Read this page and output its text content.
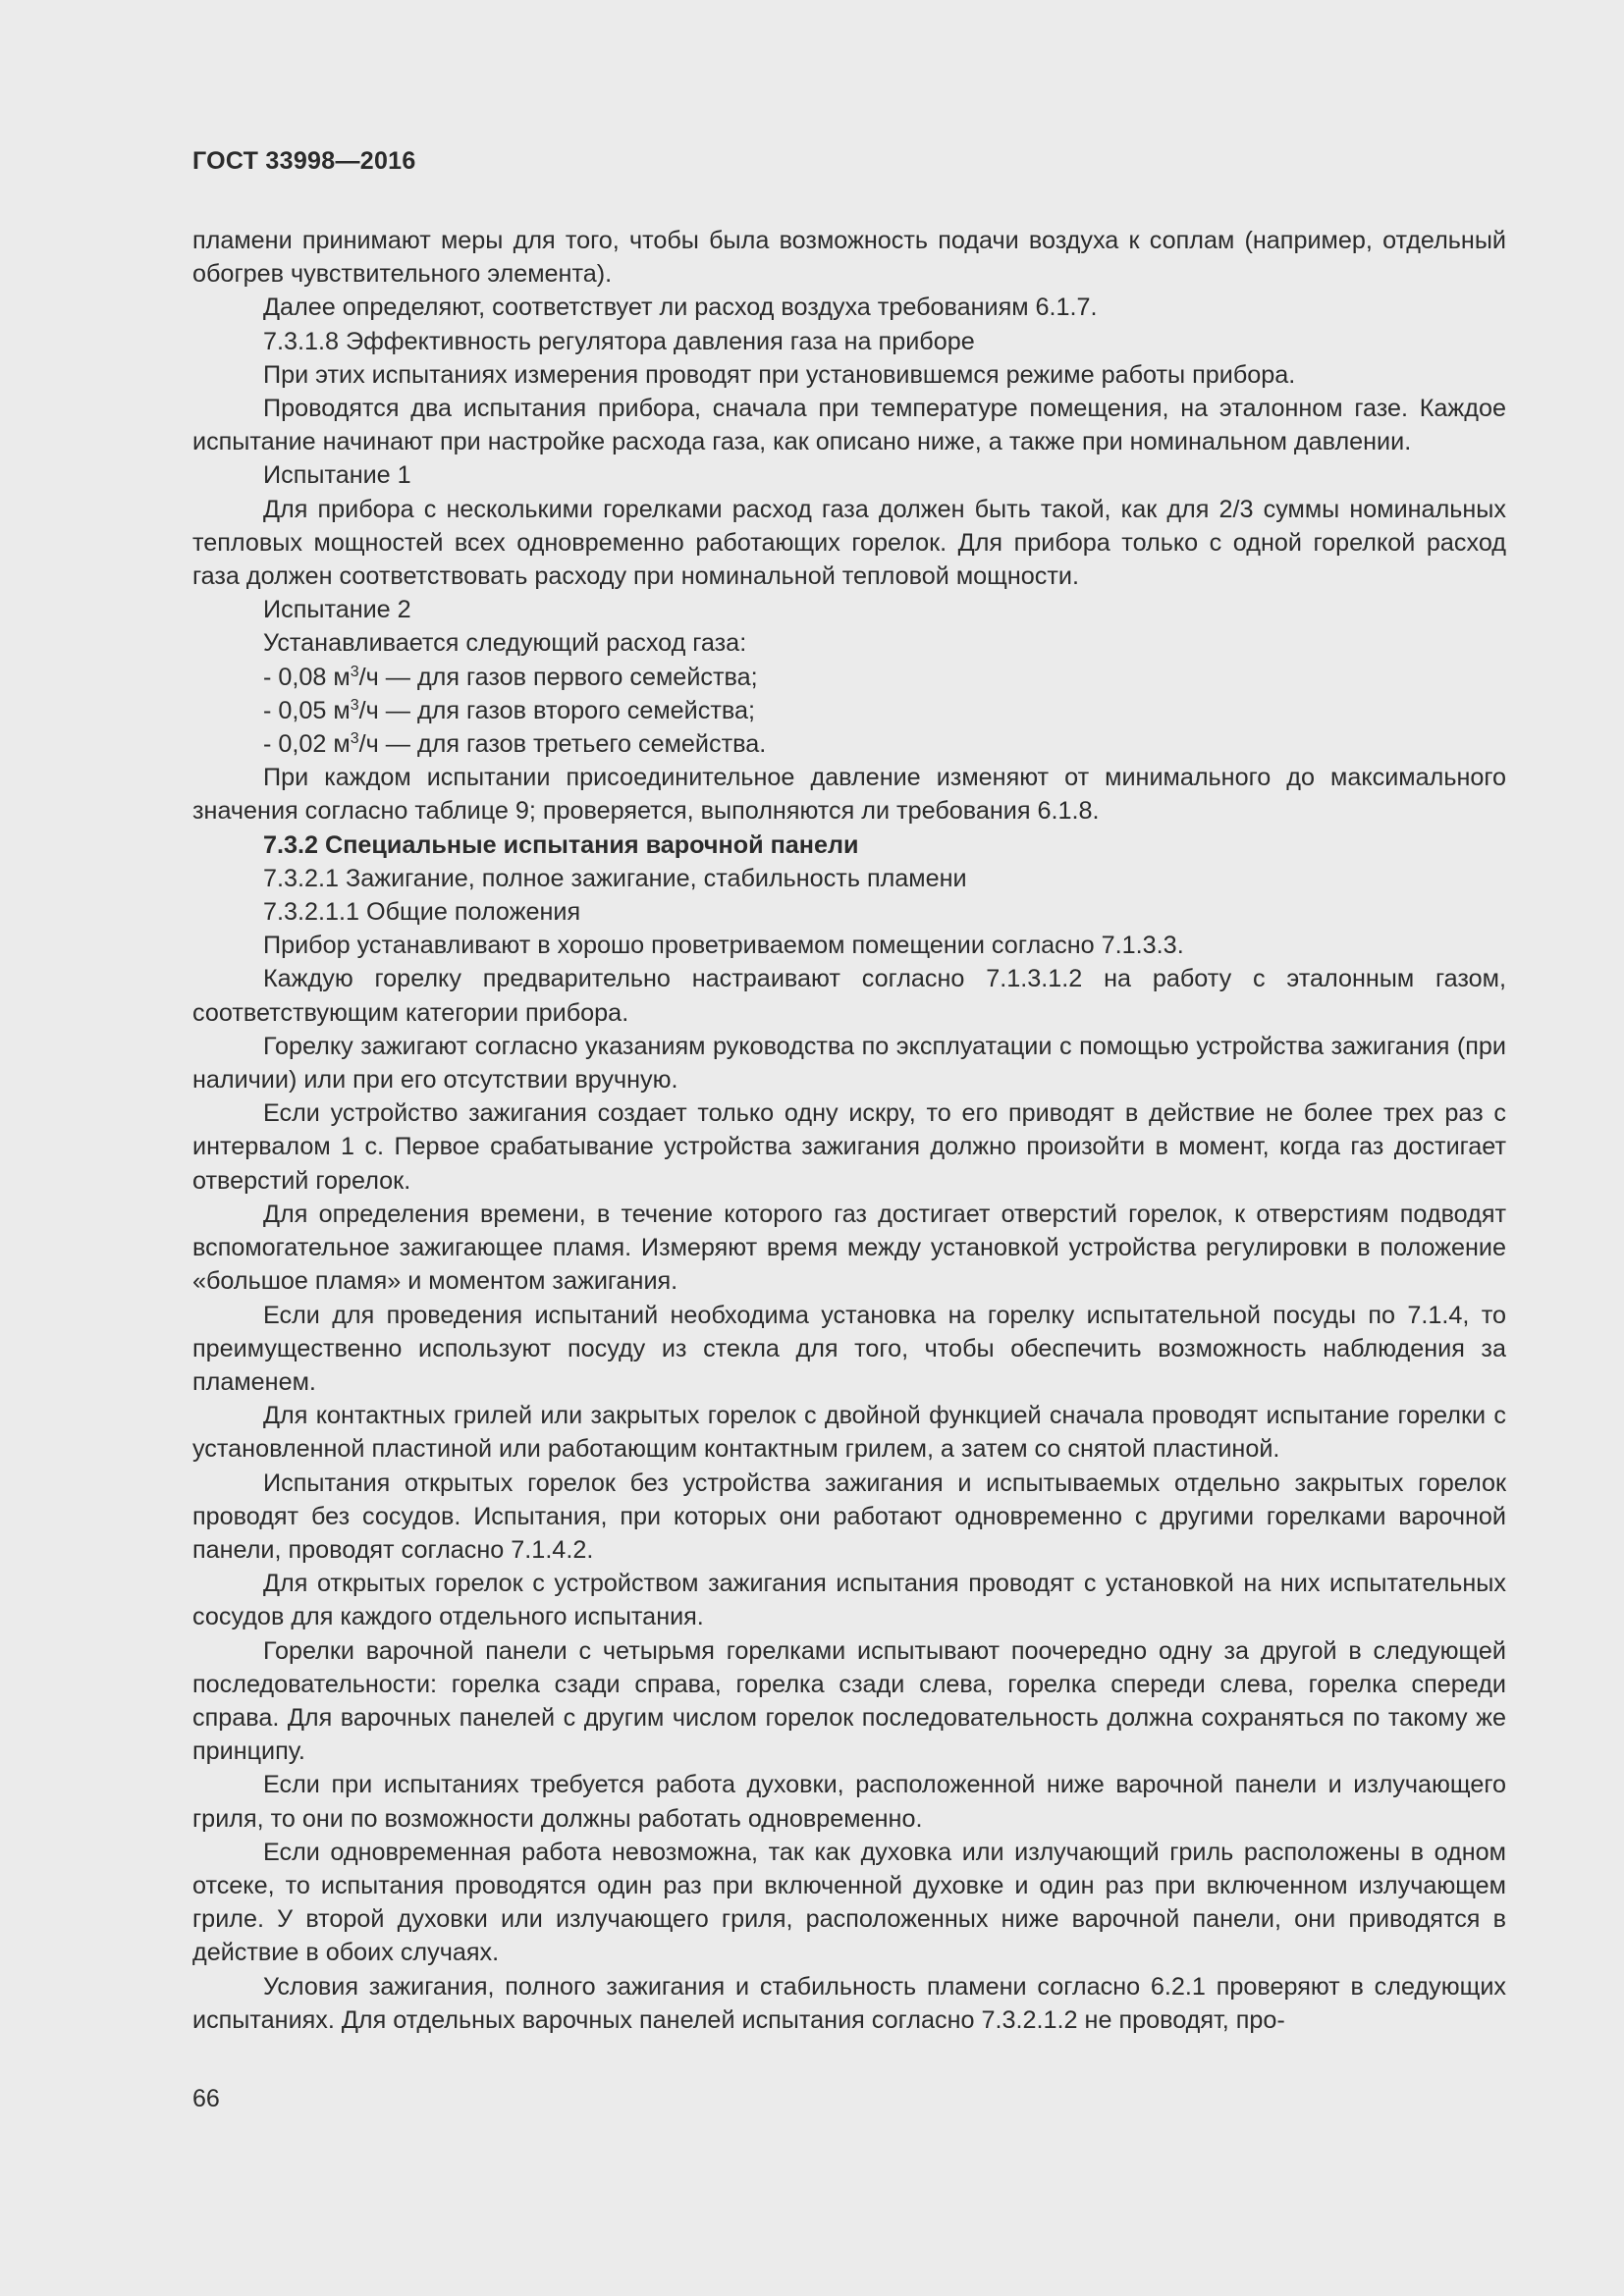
ГОСТ 33998—2016

пламени принимают меры для того, чтобы была возможность подачи воздуха к соплам (например, отдельный обогрев чувствительного элемента).

Далее определяют, соответствует ли расход воздуха требованиям 6.1.7.

7.3.1.8 Эффективность регулятора давления газа на приборе

При этих испытаниях измерения проводят при установившемся режиме работы прибора.

Проводятся два испытания прибора, сначала при температуре помещения, на эталонном газе. Каждое испытание начинают при настройке расхода газа, как описано ниже, а также при номинальном давлении.

Испытание 1

Для прибора с несколькими горелками расход газа должен быть такой, как для 2/3 суммы номинальных тепловых мощностей всех одновременно работающих горелок. Для прибора только с одной горелкой расход газа должен соответствовать расходу при номинальной тепловой мощности.

Испытание 2

Устанавливается следующий расход газа:

- 0,08 $м^3/ч$ — для газов первого семейства;

- 0,05 $м^3/ч$ — для газов второго семейства;

- 0,02 $м^3/ч$ — для газов третьего семейства.

При каждом испытании присоединительное давление изменяют от минимального до максимального значения согласно таблице 9; проверяется, выполняются ли требования 6.1.8.

7.3.2 Специальные испытания варочной панели

7.3.2.1 Зажигание, полное зажигание, стабильность пламени

7.3.2.1.1 Общие положения

Прибор устанавливают в хорошо проветриваемом помещении согласно 7.1.3.3.

Каждую горелку предварительно настраивают согласно 7.1.3.1.2 на работу с эталонным газом, соответствующим категории прибора.

Горелку зажигают согласно указаниям руководства по эксплуатации с помощью устройства зажигания (при наличии) или при его отсутствии вручную.

Если устройство зажигания создает только одну искру, то его приводят в действие не более трех раз с интервалом 1 с. Первое срабатывание устройства зажигания должно произойти в момент, когда газ достигает отверстий горелок.

Для определения времени, в течение которого газ достигает отверстий горелок, к отверстиям подводят вспомогательное зажигающее пламя. Измеряют время между установкой устройства регулировки в положение «большое пламя» и моментом зажигания.

Если для проведения испытаний необходима установка на горелку испытательной посуды по 7.1.4, то преимущественно используют посуду из стекла для того, чтобы обеспечить возможность наблюдения за пламенем.

Для контактных грилей или закрытых горелок с двойной функцией сначала проводят испытание горелки с установленной пластиной или работающим контактным грилем, а затем со снятой пластиной.

Испытания открытых горелок без устройства зажигания и испытываемых отдельно закрытых горелок проводят без сосудов. Испытания, при которых они работают одновременно с другими горелками варочной панели, проводят согласно 7.1.4.2.

Для открытых горелок с устройством зажигания испытания проводят с установкой на них испытательных сосудов для каждого отдельного испытания.

Горелки варочной панели с четырьмя горелками испытывают поочередно одну за другой в следующей последовательности: горелка сзади справа, горелка сзади слева, горелка спереди слева, горелка спереди справа. Для варочных панелей с другим числом горелок последовательность должна сохраняться по такому же принципу.

Если при испытаниях требуется работа духовки, расположенной ниже варочной панели и излучающего гриля, то они по возможности должны работать одновременно.

Если одновременная работа невозможна, так как духовка или излучающий гриль расположены в одном отсеке, то испытания проводятся один раз при включенной духовке и один раз при включенном излучающем гриле. У второй духовки или излучающего гриля, расположенных ниже варочной панели, они приводятся в действие в обоих случаях.

Условия зажигания, полного зажигания и стабильность пламени согласно 6.2.1 проверяют в следующих испытаниях. Для отдельных варочных панелей испытания согласно 7.3.2.1.2 не проводят, про-

66
